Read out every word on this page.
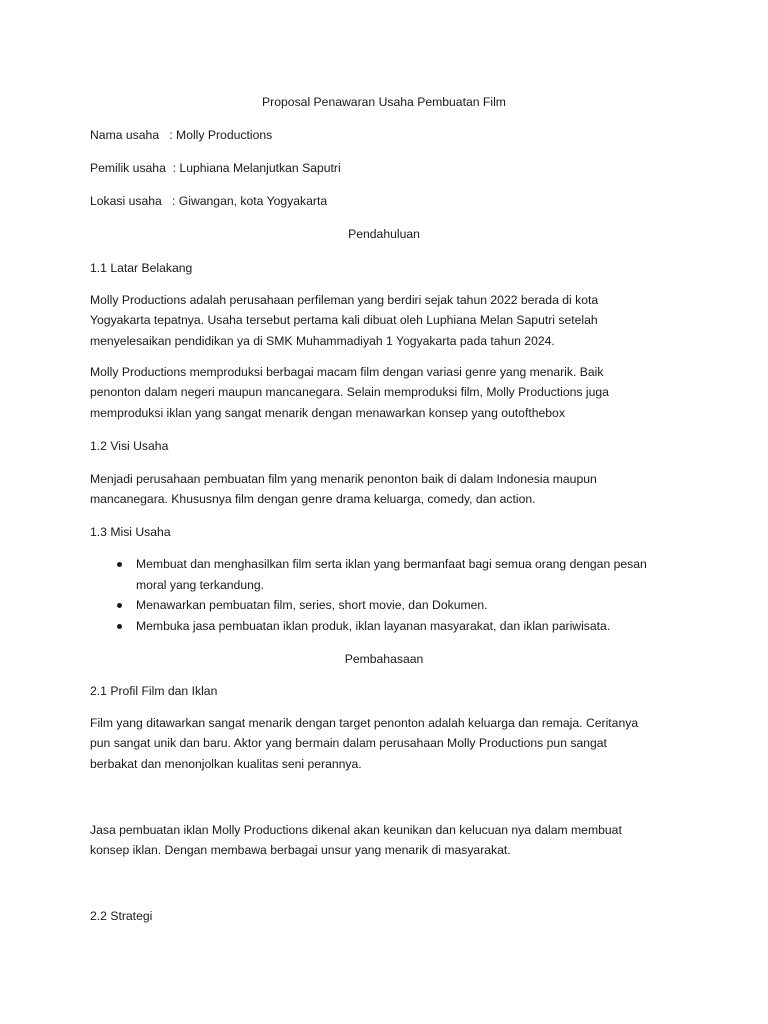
Proposal Penawaran Usaha Pembuatan Film

Nama usaha   : Molly Productions
Pemilik usaha  : Luphiana Melanjutkan Saputri
Lokasi usaha   : Giwangan, kota Yogyakarta

Pendahuluan

1.1 Latar Belakang

Molly Productions adalah perusahaan perfileman yang berdiri sejak tahun 2022 berada di kota
Yogyakarta tepatnya. Usaha tersebut pertama kali dibuat oleh Luphiana Melan Saputri setelah
menyelesaikan pendidikan ya di SMK Muhammadiyah 1 Yogyakarta pada tahun 2024.
Molly Productions memproduksi berbagai macam film dengan variasi genre yang menarik. Baik
penonton dalam negeri maupun mancanegara. Selain memproduksi film, Molly Productions juga
memproduksi iklan yang sangat menarik dengan menawarkan konsep yang outofthebox

1.2 Visi Usaha

Menjadi perusahaan pembuatan film yang menarik penonton baik di dalam Indonesia maupun
mancanegara. Khususnya film dengan genre drama keluarga, comedy, dan action.

1.3 Misi Usaha

Membuat dan menghasilkan film serta iklan yang bermanfaat bagi semua orang dengan pesan
moral yang terkandung.
Menawarkan pembuatan film, series, short movie, dan Dokumen.
Membuka jasa pembuatan iklan produk, iklan layanan masyarakat, dan iklan pariwisata.

Pembahasaan

2.1 Profil Film dan Iklan

Film yang ditawarkan sangat menarik dengan target penonton adalah keluarga dan remaja. Ceritanya
pun sangat unik dan baru. Aktor yang bermain dalam perusahaan Molly Productions pun sangat
berbakat dan menonjolkan kualitas seni perannya.
Jasa pembuatan iklan Molly Productions dikenal akan keunikan dan kelucuan nya dalam membuat
konsep iklan. Dengan membawa berbagai unsur yang menarik di masyarakat.

2.2 Strategi
